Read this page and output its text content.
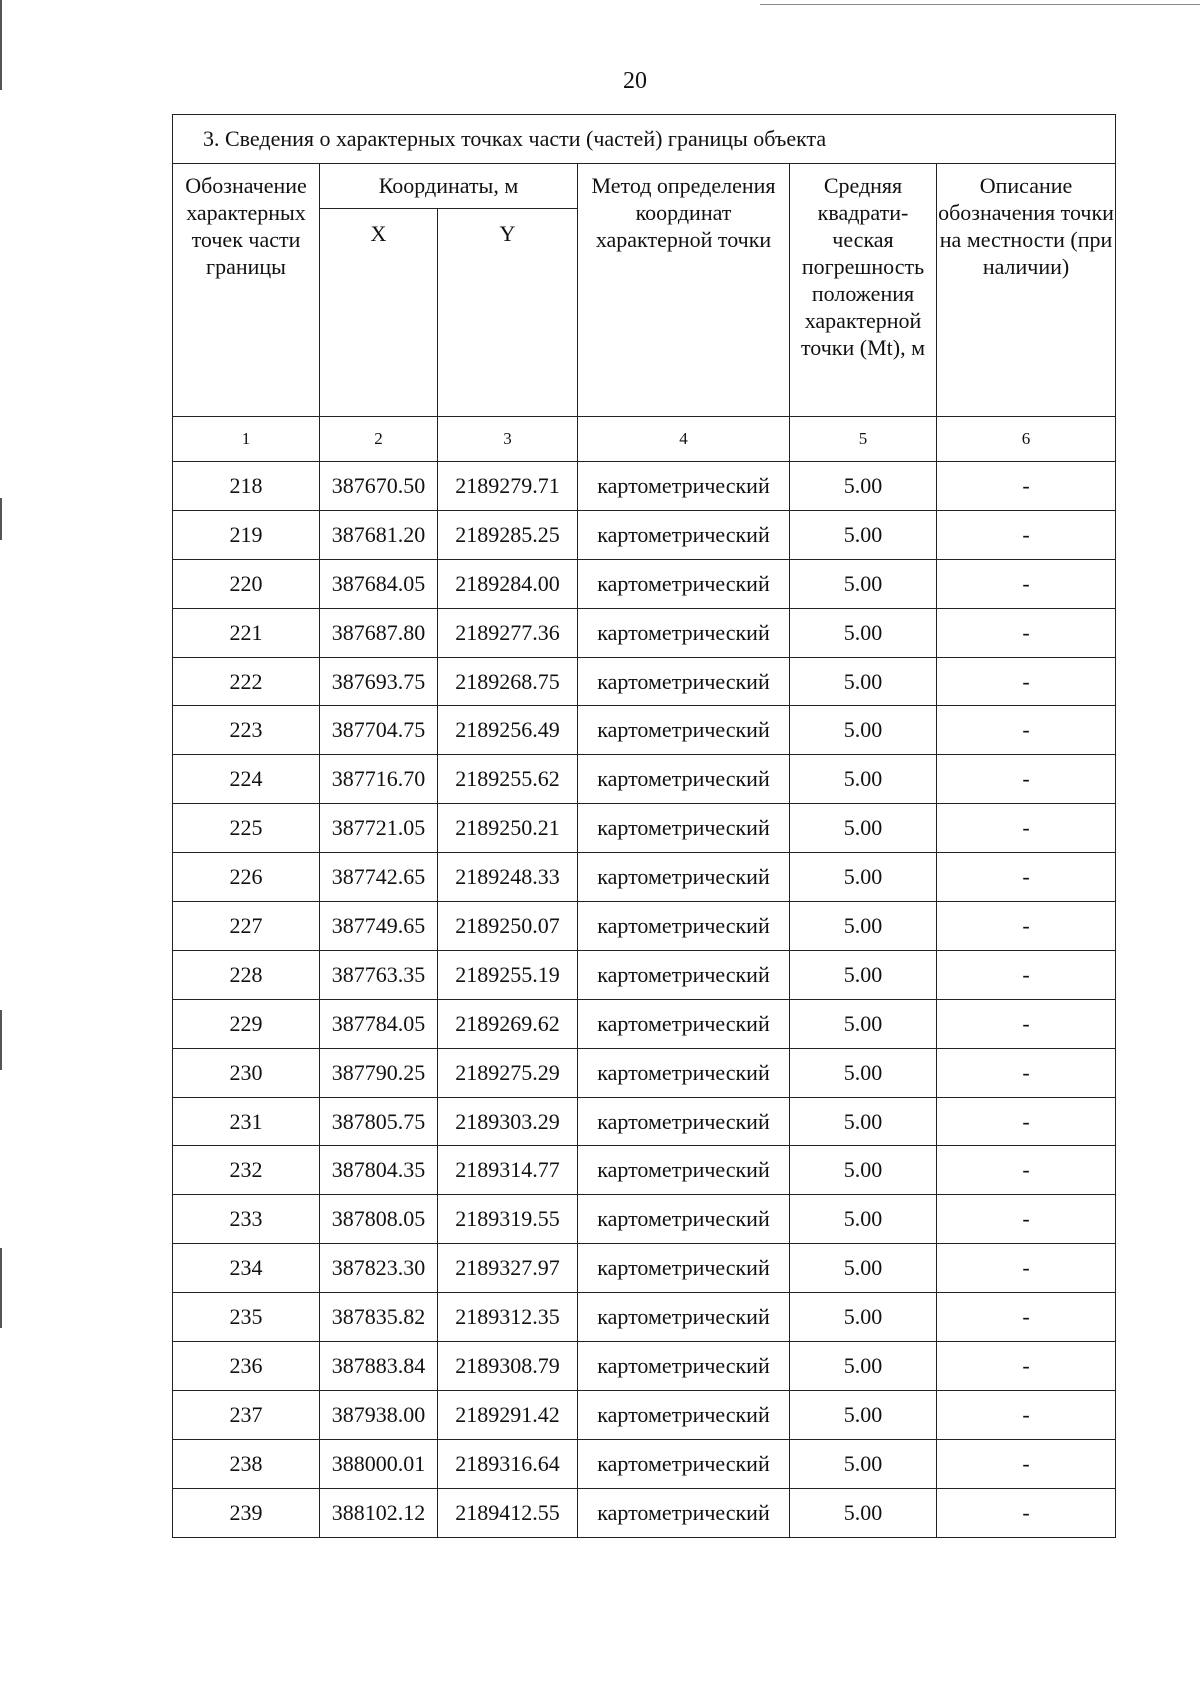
20
3. Сведения о характерных точках части (частей) границы объекта					
Обозначение характерных точек части границы	Координаты, м		Метод определения координат характерной точки	Средняя квадрати-ческая погрешность положения характерной точки (Mt), м	Описание обозначения точки на местности (при наличии)
	X	Y			
1	2	3	4	5	6
218	387670.50	2189279.71	картометрический	5.00	-
219	387681.20	2189285.25	картометрический	5.00	-
220	387684.05	2189284.00	картометрический	5.00	-
221	387687.80	2189277.36	картометрический	5.00	-
222	387693.75	2189268.75	картометрический	5.00	-
223	387704.75	2189256.49	картометрический	5.00	-
224	387716.70	2189255.62	картометрический	5.00	-
225	387721.05	2189250.21	картометрический	5.00	-
226	387742.65	2189248.33	картометрический	5.00	-
227	387749.65	2189250.07	картометрический	5.00	-
228	387763.35	2189255.19	картометрический	5.00	-
229	387784.05	2189269.62	картометрический	5.00	-
230	387790.25	2189275.29	картометрический	5.00	-
231	387805.75	2189303.29	картометрический	5.00	-
232	387804.35	2189314.77	картометрический	5.00	-
233	387808.05	2189319.55	картометрический	5.00	-
234	387823.30	2189327.97	картометрический	5.00	-
235	387835.82	2189312.35	картометрический	5.00	-
236	387883.84	2189308.79	картометрический	5.00	-
237	387938.00	2189291.42	картометрический	5.00	-
238	388000.01	2189316.64	картометрический	5.00	-
239	388102.12	2189412.55	картометрический	5.00	-
